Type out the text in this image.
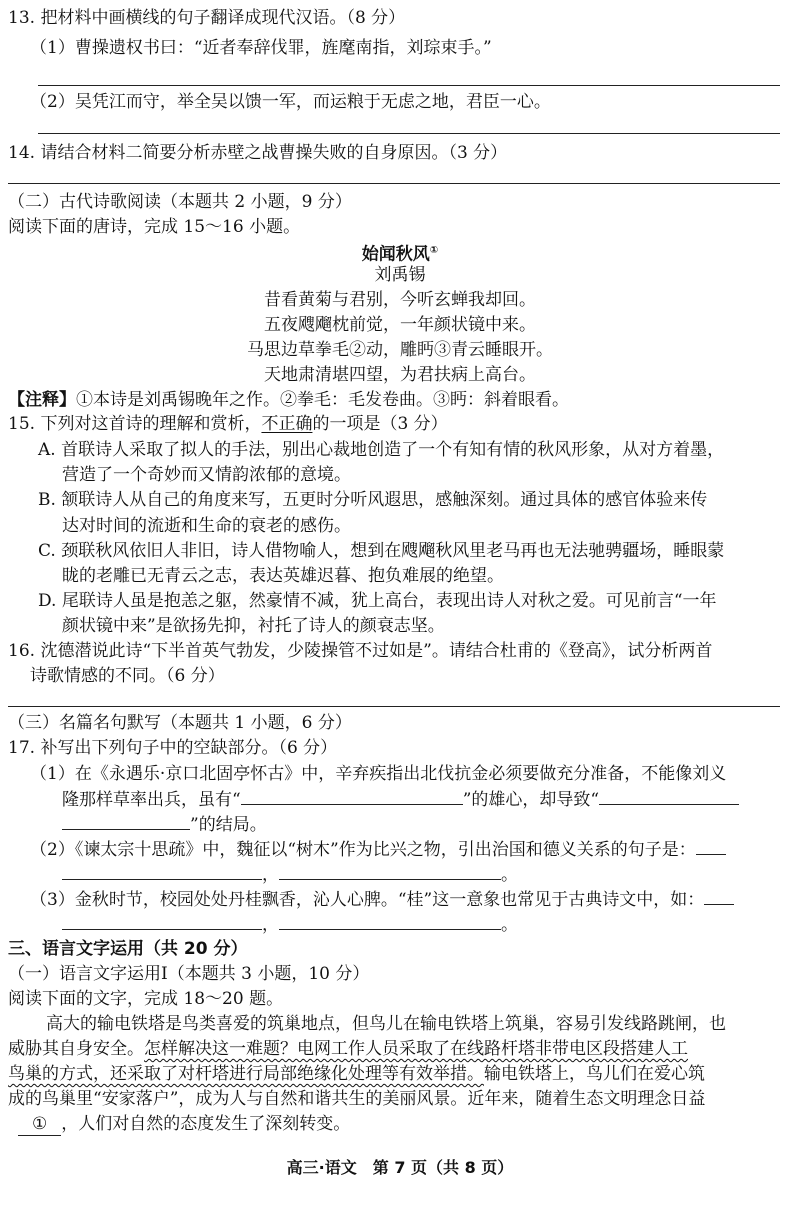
13. 把材料中画横线的句子翻译成现代汉语。（8 分）
（1）曹操遗权书曰：“近者奉辞伐罪，旌麾南指，刘琮束手。”
（2）吴凭江而守，举全吴以馈一军，而运粮于无虑之地，君臣一心。
14. 请结合材料二简要分析赤壁之战曹操失败的自身原因。（3 分）
（二）古代诗歌阅读（本题共 2 小题，9 分）
阅读下面的唐诗，完成 15～16 小题。
始闻秋风①
刘禹锡
昔看黄菊与君别，今听玄蝉我却回。
五夜飕飗枕前觉，一年颜状镜中来。
马思边草拳毛②动，雕眄③青云睡眼开。
天地肃清堪四望，为君扶病上高台。
【注释】①本诗是刘禹锡晚年之作。②拳毛：毛发卷曲。③眄：斜着眼看。
15. 下列对这首诗的理解和赏析，不正确的一项是（3 分）
A. 首联诗人采取了拟人的手法，别出心裁地创造了一个有知有情的秋风形象，从对方着墨，
营造了一个奇妙而又情韵浓郁的意境。
B. 颔联诗人从自己的角度来写，五更时分听风遐思，感触深刻。通过具体的感官体验来传
达对时间的流逝和生命的衰老的感伤。
C. 颈联秋风依旧人非旧，诗人借物喻人，想到在飕飗秋风里老马再也无法驰骋疆场，睡眼蒙
眬的老雕已无青云之志，表达英雄迟暮、抱负难展的绝望。
D. 尾联诗人虽是抱恙之躯，然豪情不减，犹上高台，表现出诗人对秋之爱。可见前言“一年
颜状镜中来”是欲扬先抑，衬托了诗人的颜衰志坚。
16. 沈德潜说此诗“下半首英气勃发，少陵操管不过如是”。请结合杜甫的《登高》，试分析两首
诗歌情感的不同。（6 分）
（三）名篇名句默写（本题共 1 小题，6 分）
17. 补写出下列句子中的空缺部分。（6 分）
（1）在《永遇乐·京口北固亭怀古》中，辛弃疾指出北伐抗金必须要做充分准备，不能像刘义
隆那样草率出兵，虽有“	”的雄心，却导致“
”的结局。
（2）《谏太宗十思疏》中，魏征以“树木”作为比兴之物，引出治国和德义关系的句子是：
，	。
（3）金秋时节，校园处处丹桂飘香，沁人心脾。“桂”这一意象也常见于古典诗文中，如：
，	。
三、语言文字运用（共 20 分）
（一）语言文字运用Ⅰ（本题共 3 小题，10 分）
阅读下面的文字，完成 18～20 题。
高大的输电铁塔是鸟类喜爱的筑巢地点，但鸟儿在输电铁塔上筑巢，容易引发线路跳闸，也
威胁其自身安全。怎样解决这一难题？电网工作人员采取了在线路杆塔非带电区段搭建人工
鸟巢的方式，还采取了对杆塔进行局部绝缘化处理等有效举措。输电铁塔上，鸟儿们在爱心筑
成的鸟巢里“安家落户”，成为人与自然和谐共生的美丽风景。近年来，随着生态文明理念日益
① ，人们对自然的态度发生了深刻转变。
高三·语文　第 7 页（共 8 页）
